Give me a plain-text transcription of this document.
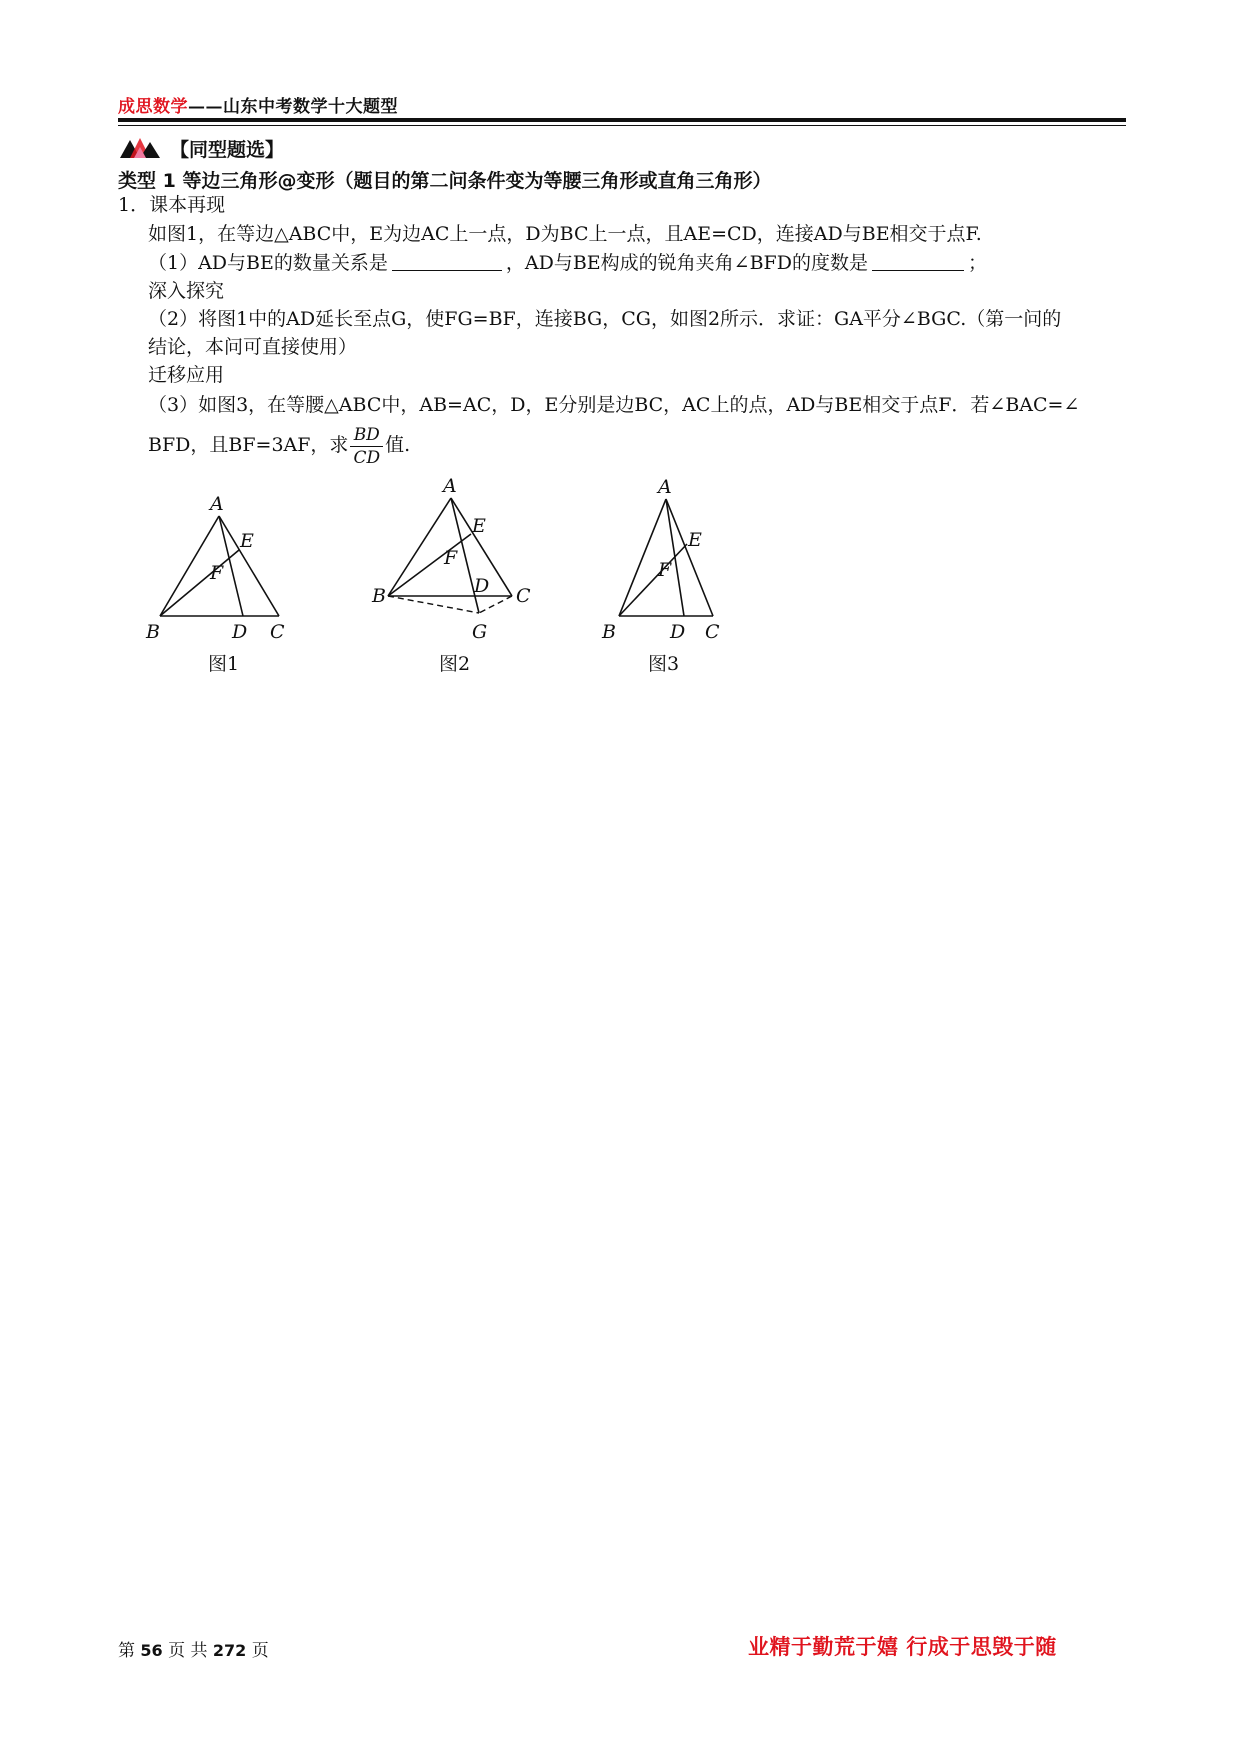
成思数学——山东中考数学十大题型
【同型题选】
类型 1 等边三角形@变形（题目的第二问条件变为等腰三角形或直角三角形）
1．课本再现
如图1，在等边△ABC中，E为边AC上一点，D为BC上一点，且AE=CD，连接AD与BE相交于点F.
（1）AD与BE的数量关系是	，AD与BE构成的锐角夹角∠BFD的度数是	；
深入探究
（2）将图1中的AD延长至点G，使FG=BF，连接BG，CG，如图2所示．求证：GA平分∠BGC.（第一问的
结论，本问可直接使用）
迁移应用
（3）如图3，在等腰△ABC中，AB=AC，D，E分别是边BC，AC上的点，AD与BE相交于点F．若∠BAC=∠
BFD，且BF=3AF，求 $\frac{BD}{CD}$ 值.
A
E
F
B	D C
图1
A
E
F
D
B	C
G
图2
A
E
F
B	D C
图3
第 56 页 共 272 页	业精于勤荒于嬉 行成于思毁于随
